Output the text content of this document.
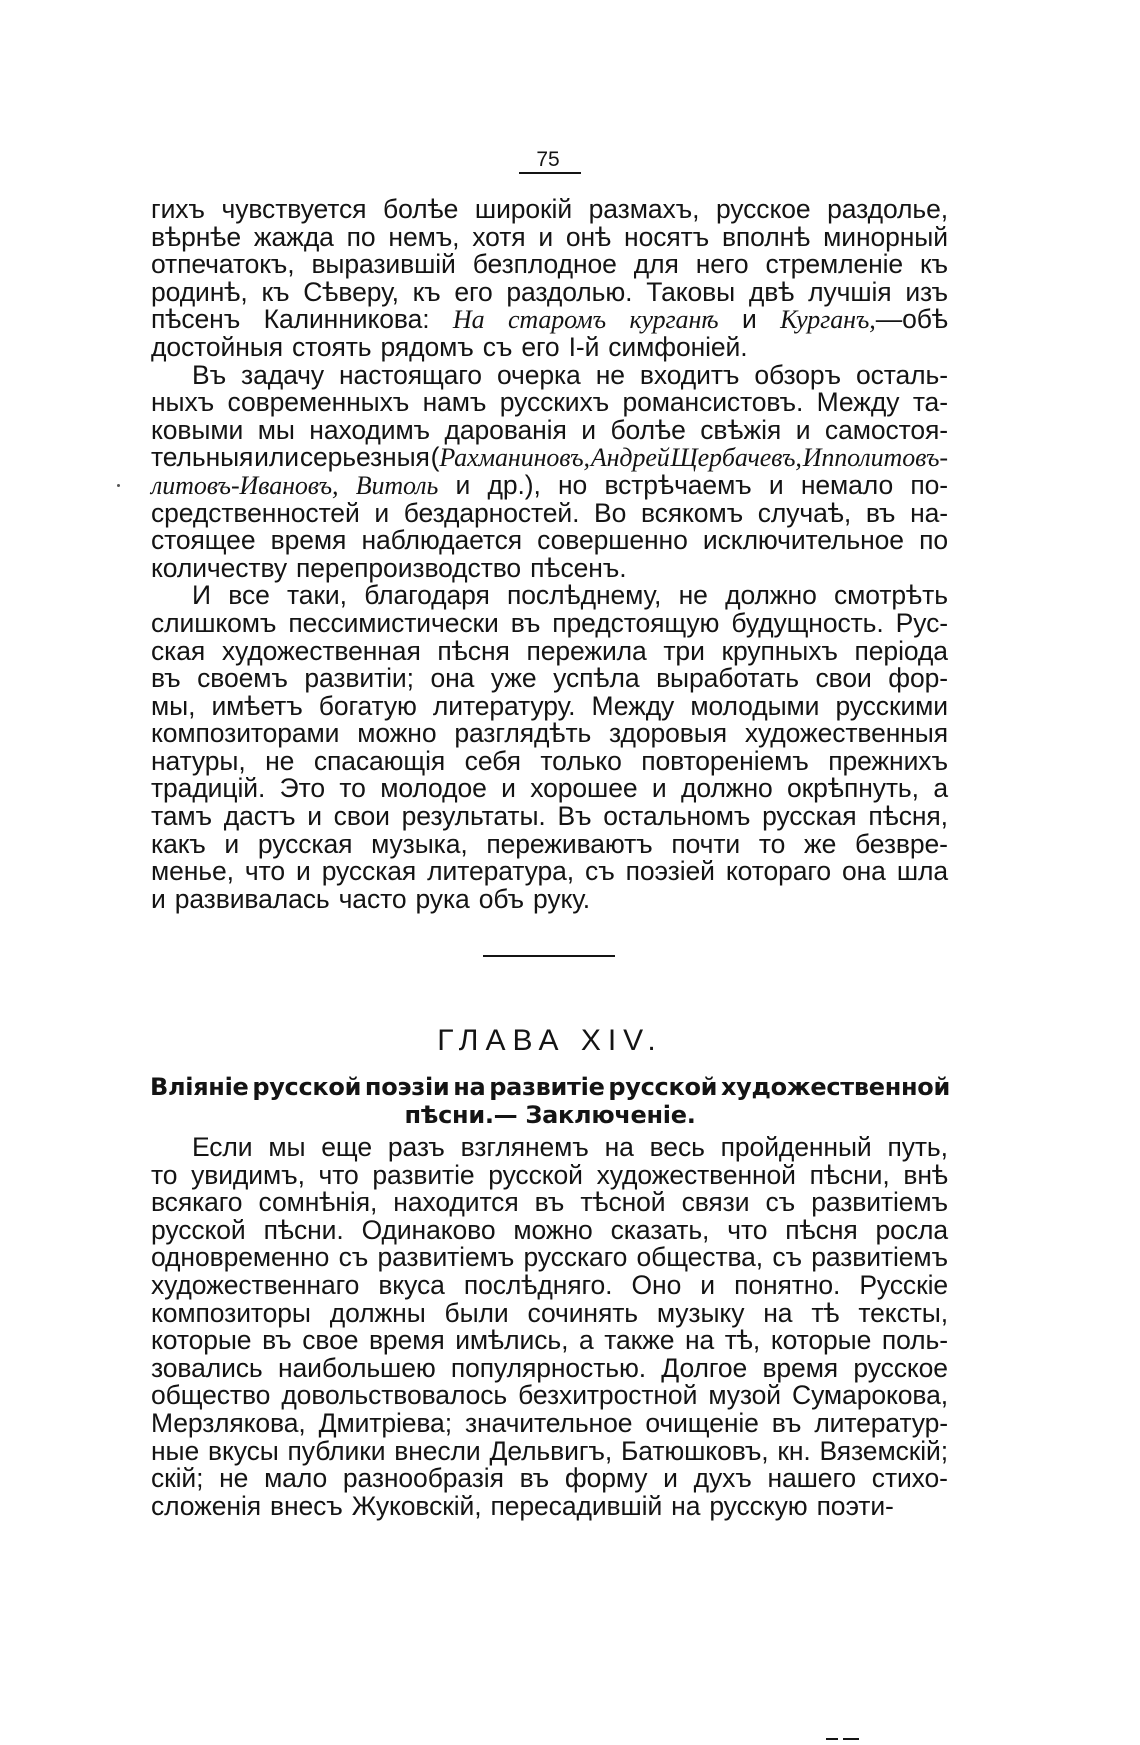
75
гихъ чувствуется болѣе широкій размахъ, русское раздолье,
вѣрнѣе жажда по немъ, хотя и онѣ носятъ вполнѣ минорный
отпечатокъ, выразившій безплодное для него стремленіе къ
родинѣ, къ Сѣверу, къ его раздолью. Таковы двѣ лучшія изъ
пѣсенъ Калинникова: На старомъ курганѣ и Курганъ,—обѣ
достойныя стоять рядомъ съ его I-й симфоніей.
Въ задачу настоящаго очерка не входитъ обзоръ осталь-
ныхъ современныхъ намъ русскихъ романсистовъ. Между та-
ковыми мы находимъ дарованія и болѣе свѣжія и самостоя-
тельныя или серьезныя (Рахманиновъ, Андрей Щербачевъ, Ипполитовъ-
литовъ-Ивановъ, Витоль и др.), но встрѣчаемъ и немало по-
средственностей и бездарностей. Во всякомъ случаѣ, въ на-
стоящее время наблюдается совершенно исключительное по
количеству перепроизводство пѣсенъ.
И все таки, благодаря послѣднему, не должно смотрѣть
слишкомъ пессимистически въ предстоящую будущность. Рус-
ская художественная пѣсня пережила три крупныхъ періода
въ своемъ развитіи; она уже успѣла выработать свои фор-
мы, имѣетъ богатую литературу. Между молодыми русскими
композиторами можно разглядѣть здоровыя художественныя
натуры, не спасающія себя только повтореніемъ прежнихъ
традицій. Это то молодое и хорошее и должно окрѣпнуть, а
тамъ дастъ и свои результаты. Въ остальномъ русская пѣсня,
какъ и русская музыка, переживаютъ почти то же безвре-
менье, что и русская литература, съ поэзіей котораго она шла
и развивалась часто рука объ руку.
ГЛАВА XIV.
Вліяніе русской поэзіи на развитіе русской художественной
пѣсни.— Заключеніе.
Если мы еще разъ взглянемъ на весь пройденный путь,
то увидимъ, что развитіе русской художественной пѣсни, внѣ
всякаго сомнѣнія, находится въ тѣсной связи съ развитіемъ
русской пѣсни. Одинаково можно сказать, что пѣсня росла
одновременно съ развитіемъ русскаго общества, съ развитіемъ
художественнаго вкуса послѣдняго. Оно и понятно. Русскіе
композиторы должны были сочинять музыку на тѣ тексты,
которые въ свое время имѣлись, а также на тѣ, которые поль-
зовались наибольшею популярностью. Долгое время русское
общество довольствовалось безхитростной музой Сумарокова,
Мерзлякова, Дмитріева; значительное очищеніе въ литератур-
ные вкусы публики внесли Дельвигъ, Батюшковъ, кн. Вяземскій;
скій; не мало разнообразія въ форму и духъ нашего стихо-
сложенія внесъ Жуковскій, пересадившій на русскую поэти-
